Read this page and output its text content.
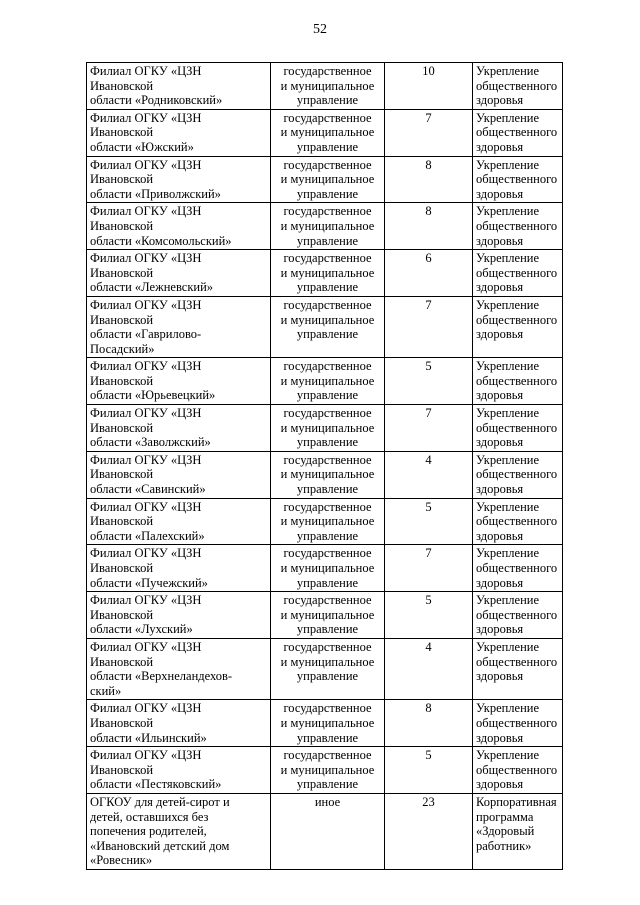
52
Филиал ОГКУ «ЦЗН
Ивановской
области «Родниковский»	государственное
и муниципальное
управление	10	Укрепление
общественного
здоровья

Филиал ОГКУ «ЦЗН
Ивановской
области «Южский»	государственное
и муниципальное
управление	7	Укрепление
общественного
здоровья

Филиал ОГКУ «ЦЗН
Ивановской
области «Приволжский»	государственное
и муниципальное
управление	8	Укрепление
общественного
здоровья

Филиал ОГКУ «ЦЗН
Ивановской
области «Комсомольский»	государственное
и муниципальное
управление	8	Укрепление
общественного
здоровья

Филиал ОГКУ «ЦЗН
Ивановской
области «Лежневский»	государственное
и муниципальное
управление	6	Укрепление
общественного
здоровья

Филиал ОГКУ «ЦЗН
Ивановской
области «Гаврилово-
Посадский»	государственное
и муниципальное
управление	7	Укрепление
общественного
здоровья

Филиал ОГКУ «ЦЗН
Ивановской
области «Юрьевецкий»	государственное
и муниципальное
управление	5	Укрепление
общественного
здоровья

Филиал ОГКУ «ЦЗН
Ивановской
области «Заволжский»	государственное
и муниципальное
управление	7	Укрепление
общественного
здоровья

Филиал ОГКУ «ЦЗН
Ивановской
области «Савинский»	государственное
и муниципальное
управление	4	Укрепление
общественного
здоровья

Филиал ОГКУ «ЦЗН
Ивановской
области «Палехский»	государственное
и муниципальное
управление	5	Укрепление
общественного
здоровья

Филиал ОГКУ «ЦЗН
Ивановской
области «Пучежский»	государственное
и муниципальное
управление	7	Укрепление
общественного
здоровья

Филиал ОГКУ «ЦЗН
Ивановской
области «Лухский»	государственное
и муниципальное
управление	5	Укрепление
общественного
здоровья

Филиал ОГКУ «ЦЗН
Ивановской
области «Верхнеландехов-
ский»	государственное
и муниципальное
управление	4	Укрепление
общественного
здоровья

Филиал ОГКУ «ЦЗН
Ивановской
области «Ильинский»	государственное
и муниципальное
управление	8	Укрепление
общественного
здоровья

Филиал ОГКУ «ЦЗН
Ивановской
области «Пестяковский»	государственное
и муниципальное
управление	5	Укрепление
общественного
здоровья

ОГКОУ для детей-сирот и
детей, оставшихся без
попечения родителей,
«Ивановский детский дом
«Ровесник»	иное	23	Корпоративная
программа
«Здоровый
работник»
